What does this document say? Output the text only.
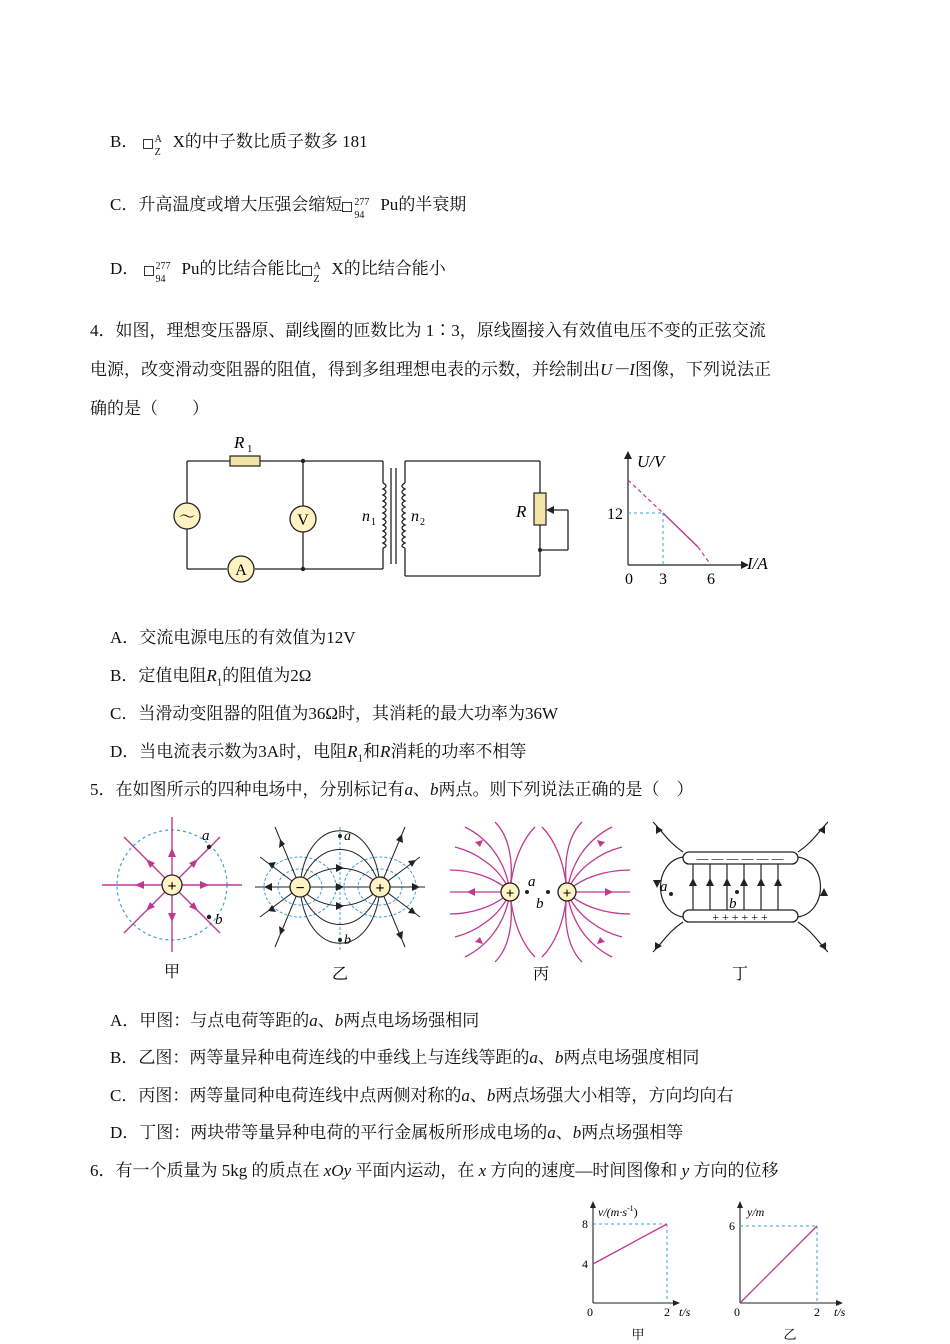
B． A
Z
X的中子数比质子数多 181
C．升高温度或增大压强会缩短 277
94
Pu的半衰期
D． 277
94
Pu的比结合能比 A
Z
X的比结合能小
4．如图，理想变压器原、副线圈的匝数比为 1∶3，原线圈接入有效值电压不变的正弦交流
电源，改变滑动变阻器的阻值，得到多组理想电表的示数，并绘制出U－I图像，下列说法正
确的是（　　）
～	V
A
R 1
n 1 n 2
R
U/V
I/A
0
12
3	6
A．交流电源电压的有效值为12V
B．定值电阻$R_1$的阻值为2Ω
C．当滑动变阻器的阻值为36Ω时，其消耗的最大功率为36W
D．当电流表示数为3A时，电阻$R_1$和R消耗的功率不相等
5．在如图所示的四种电场中，分别标记有a、b两点。则下列说法正确的是（　）
+
a
b
甲
−	+
a
b
乙
+	+
a
b
丙
— — — — — —
+ + + + + +
a
b
丁
A．甲图：与点电荷等距的a、b两点电场场强相同
B．乙图：两等量异种电荷连线的中垂线上与连线等距的a、b两点电场强度相同
C．丙图：两等量同种电荷连线中点两侧对称的a、b两点场强大小相等，方向均向右
D．丁图：两块带等量异种电荷的平行金属板所形成电场的a、b两点场强相等
6．有一个质量为 5kg 的质点在 xOy 平面内运动，在 x 方向的速度—时间图像和 y 方向的位移
$v/(m\cdot s^{-1})$
t/s
8
4
0	2
甲
y/m
t/s
6
0	2
乙
